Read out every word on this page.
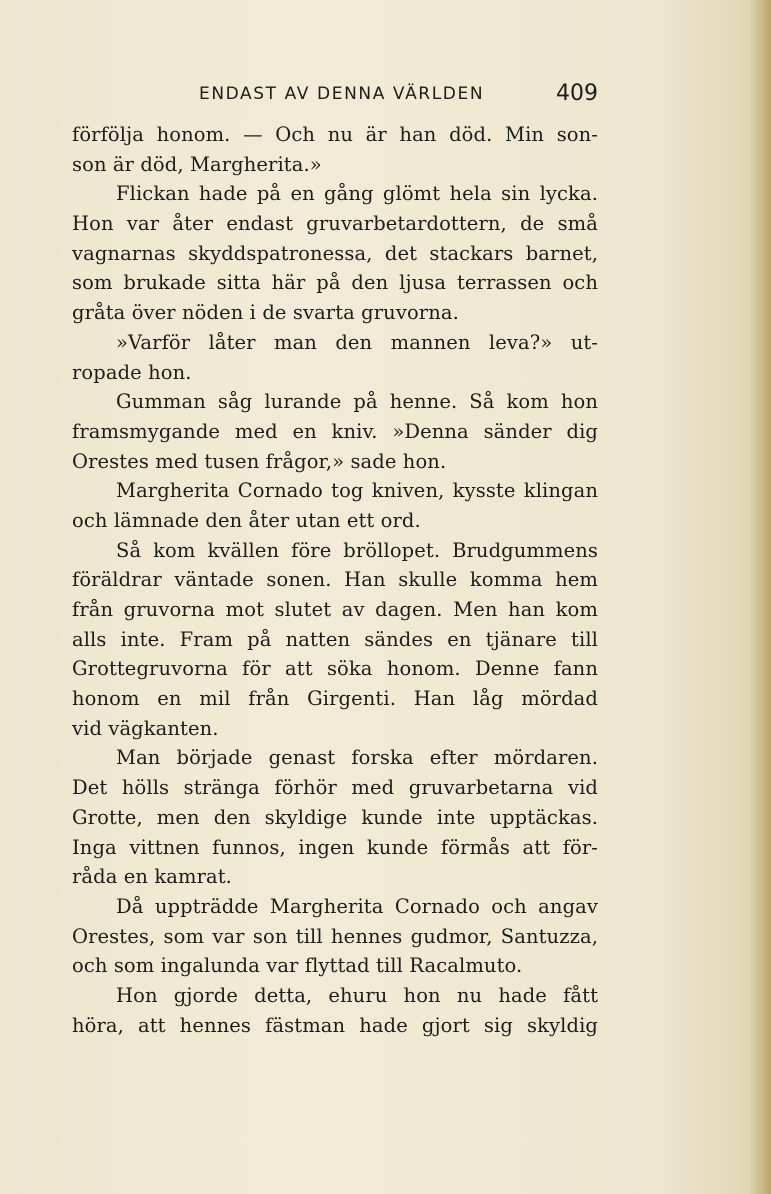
ENDAST AV DENNA VÄRLDEN	409
förfölja honom. — Och nu är han död. Min son-
son är död, Margherita.»
Flickan hade på en gång glömt hela sin lycka.
Hon var åter endast gruvarbetardottern, de små
vagnarnas skyddspatronessa, det stackars barnet,
som brukade sitta här på den ljusa terrassen och
gråta över nöden i de svarta gruvorna.
»Varför låter man den mannen leva?» ut-
ropade hon.
Gumman såg lurande på henne. Så kom hon
framsmygande med en kniv. »Denna sänder dig
Orestes med tusen frågor,» sade hon.
Margherita Cornado tog kniven, kysste klingan
och lämnade den åter utan ett ord.
Så kom kvällen före bröllopet. Brudgummens
föräldrar väntade sonen. Han skulle komma hem
från gruvorna mot slutet av dagen. Men han kom
alls inte. Fram på natten sändes en tjänare till
Grottegruvorna för att söka honom. Denne fann
honom en mil från Girgenti. Han låg mördad
vid vägkanten.
Man började genast forska efter mördaren.
Det hölls stränga förhör med gruvarbetarna vid
Grotte, men den skyldige kunde inte upptäckas.
Inga vittnen funnos, ingen kunde förmås att för-
råda en kamrat.
Då uppträdde Margherita Cornado och angav
Orestes, som var son till hennes gudmor, Santuzza,
och som ingalunda var flyttad till Racalmuto.
Hon gjorde detta, ehuru hon nu hade fått
höra, att hennes fästman hade gjort sig skyldig
